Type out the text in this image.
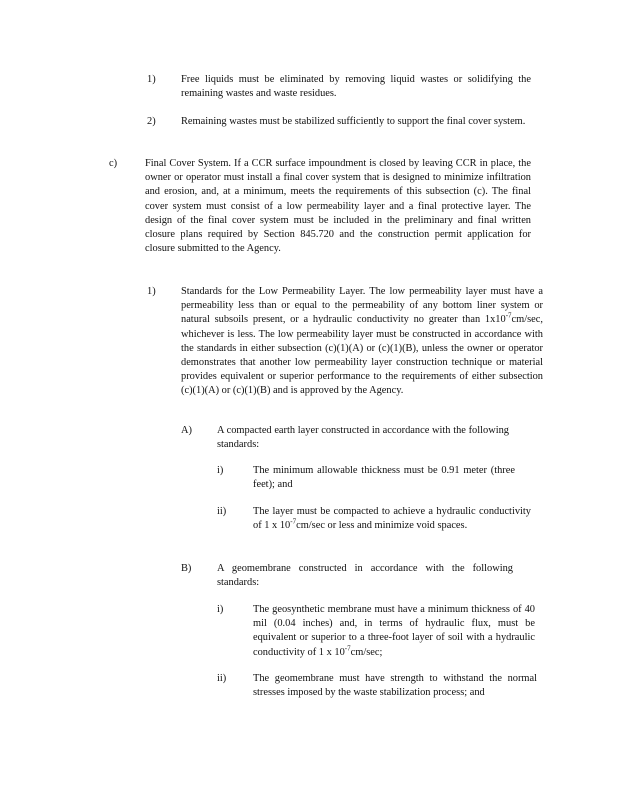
1) Free liquids must be eliminated by removing liquid wastes or solidifying the remaining wastes and waste residues.

2) Remaining wastes must be stabilized sufficiently to support the final cover system.

c)	Final Cover System. If a CCR surface impoundment is closed by leaving CCR in place, the owner or operator must install a final cover system that is designed to minimize infiltration and erosion, and, at a minimum, meets the requirements of this subsection (c). The final cover system must consist of a low permeability layer and a final protective layer. The design of the final cover system must be included in the preliminary and final written closure plans required by Section 845.720 and the construction permit application for closure submitted to the Agency.

1) Standards for the Low Permeability Layer. The low permeability layer must have a permeability less than or equal to the permeability of any bottom liner system or natural subsoils present, or a hydraulic conductivity no greater than $1x10^{-7}cm/\sec$, whichever is less. The low permeability layer must be constructed in accordance with the standards in either subsection (c)(1)(A) or (c)(1)(B), unless the owner or operator demonstrates that another low permeability layer construction technique or material provides equivalent or superior performance to the requirements of either subsection (c)(1)(A) or (c)(1)(B) and is approved by the Agency.

A) A compacted earth layer constructed in accordance with the following standards:

i)	The minimum allowable thickness must be 0.91 meter (three feet); and

ii)	The layer must be compacted to achieve a hydraulic conductivity of 1 x $10^{-7}cm/\sec$ or less and minimize void spaces.

B) A geomembrane constructed in accordance with the following standards:

i)	The geosynthetic membrane must have a minimum thickness of 40 mil (0.04 inches) and, in terms of hydraulic flux, must be equivalent or superior to a three-foot layer of soil with a hydraulic conductivity of 1 x $10^{-7}cm/\sec$;

ii)	The geomembrane must have strength to withstand the normal stresses imposed by the waste stabilization process; and
